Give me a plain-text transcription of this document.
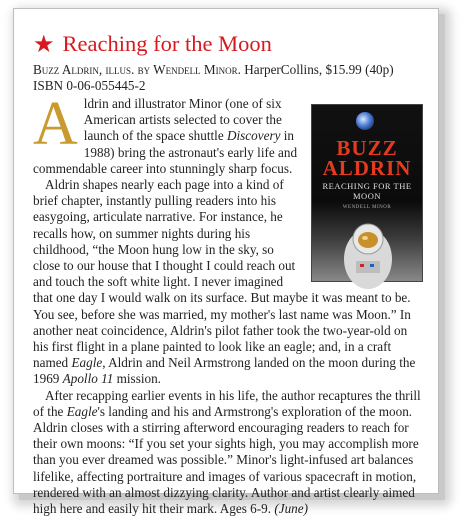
★ Reaching for the Moon
Buzz Aldrin, illus. by Wendell Minor. HarperCollins, $15.99 (40p)
ISBN 0-06-055445-2
BUZZ
ALDRIN
REACHING FOR THE MOON
WENDELL MINOR

Aldrin and illustrator Minor (one of six American artists selected to cover the launch of the space shuttle Discovery in 1988) bring the astronaut's early life and commendable career into stunningly sharp focus.

Aldrin shapes nearly each page into a kind of brief chapter, instantly pulling readers into his easygoing, articulate narrative. For instance, he recalls how, on summer nights during his childhood, “the Moon hung low in the sky, so close to our house that I thought I could reach out and touch the soft white light. I never imagined that one day I would walk on its surface. But maybe it was meant to be. You see, before she was married, my mother's last name was Moon.” In another neat coincidence, Aldrin's pilot father took the two-year-old on his first flight in a plane painted to look like an eagle; and, in a craft named Eagle, Aldrin and Neil Armstrong landed on the moon during the 1969 Apollo 11 mission.

After recapping earlier events in his life, the author recaptures the thrill of the Eagle's landing and his and Armstrong's exploration of the moon. Aldrin closes with a stirring afterword encouraging readers to reach for their own moons: “If you set your sights high, you may accomplish more than you ever dreamed was possible.” Minor's light-infused art balances lifelike, affecting portraiture and images of various spacecraft in motion, rendered with an almost dizzying clarity. Author and artist clearly aimed high here and easily hit their mark. Ages 6-9. (June)
